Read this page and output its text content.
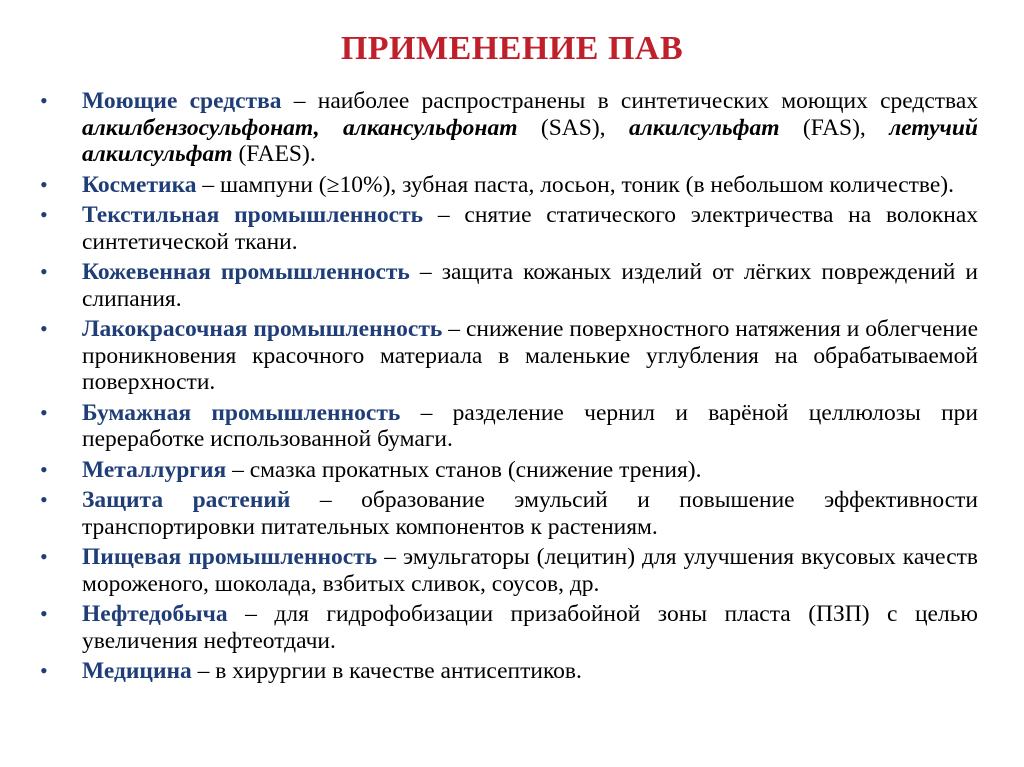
ПРИМЕНЕНИЕ ПАВ
• Моющие средства – наиболее распространены в синтетических моющих средствах алкилбензосульфонат, алкансульфонат (SAS), алкилсульфат (FAS), летучий алкилсульфат (FAES).
• Косметика – шампуни (≥10%), зубная паста, лосьон, тоник (в небольшом количестве).
• Текстильная промышленность – снятие статического электричества на волокнах синтетической ткани.
• Кожевенная промышленность – защита кожаных изделий от лёгких повреждений и слипания.
• Лакокрасочная промышленность – снижение поверхностного натяжения и облегчение проникновения красочного материала в маленькие углубления на обрабатываемой поверхности.
• Бумажная промышленность – разделение чернил и варёной целлюлозы при переработке использованной бумаги.
• Металлургия – смазка прокатных станов (снижение трения).
• Защита растений – образование эмульсий и повышение эффективности транспортировки питательных компонентов к растениям.
• Пищевая промышленность – эмульгаторы (лецитин) для улучшения вкусовых качеств мороженого, шоколада, взбитых сливок, соусов, др.
• Нефтедобыча – для гидрофобизации призабойной зоны пласта (ПЗП) с целью увеличения нефтеотдачи.
• Медицина – в хирургии в качестве антисептиков.
